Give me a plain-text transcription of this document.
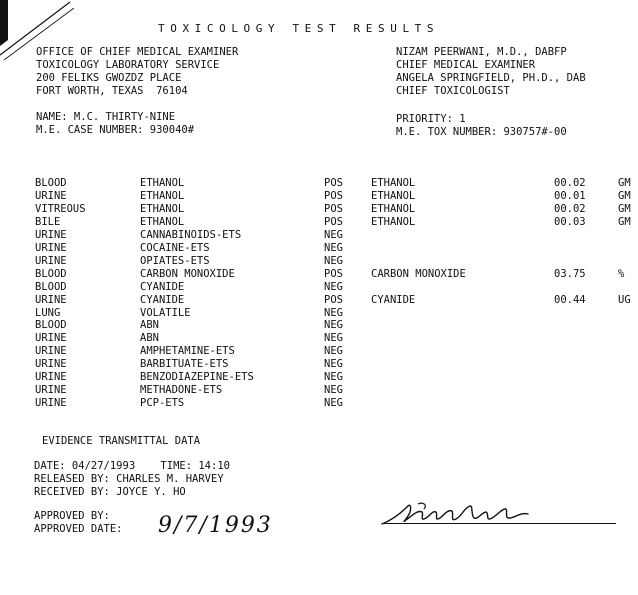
TOXICOLOGY TEST RESULTS
OFFICE OF CHIEF MEDICAL EXAMINER
TOXICOLOGY LABORATORY SERVICE
200 FELIKS GWOZDZ PLACE
FORT WORTH, TEXAS  76104
NIZAM PEERWANI, M.D., DABFP
CHIEF MEDICAL EXAMINER
ANGELA SPRINGFIELD, PH.D., DAB
CHIEF TOXICOLOGIST
NAME: M.C. THIRTY-NINE
M.E. CASE NUMBER: 930040#
PRIORITY: 1
M.E. TOX NUMBER: 930757#-00
BLOOD	ETHANOL	POS	ETHANOL	00.02	GM
URINE	ETHANOL	POS	ETHANOL	00.01	GM
VITREOUS	ETHANOL	POS	ETHANOL	00.02	GM
BILE	ETHANOL	POS	ETHANOL	00.03	GM
URINE	CANNABINOIDS-ETS	NEG
URINE	COCAINE-ETS	NEG
URINE	OPIATES-ETS	NEG
BLOOD	CARBON MONOXIDE	POS	CARBON MONOXIDE	03.75	%
BLOOD	CYANIDE	NEG
URINE	CYANIDE	POS	CYANIDE	00.44	UG
LUNG	VOLATILE	NEG
BLOOD	ABN	NEG
URINE	ABN	NEG
URINE	AMPHETAMINE-ETS	NEG
URINE	BARBITUATE-ETS	NEG
URINE	BENZODIAZEPINE-ETS	NEG
URINE	METHADONE-ETS	NEG
URINE	PCP-ETS	NEG
EVIDENCE TRANSMITTAL DATA
DATE: 04/27/1993    TIME: 14:10
RELEASED BY: CHARLES M. HARVEY
RECEIVED BY: JOYCE Y. HO
APPROVED BY:
APPROVED DATE: 9/7/1993
